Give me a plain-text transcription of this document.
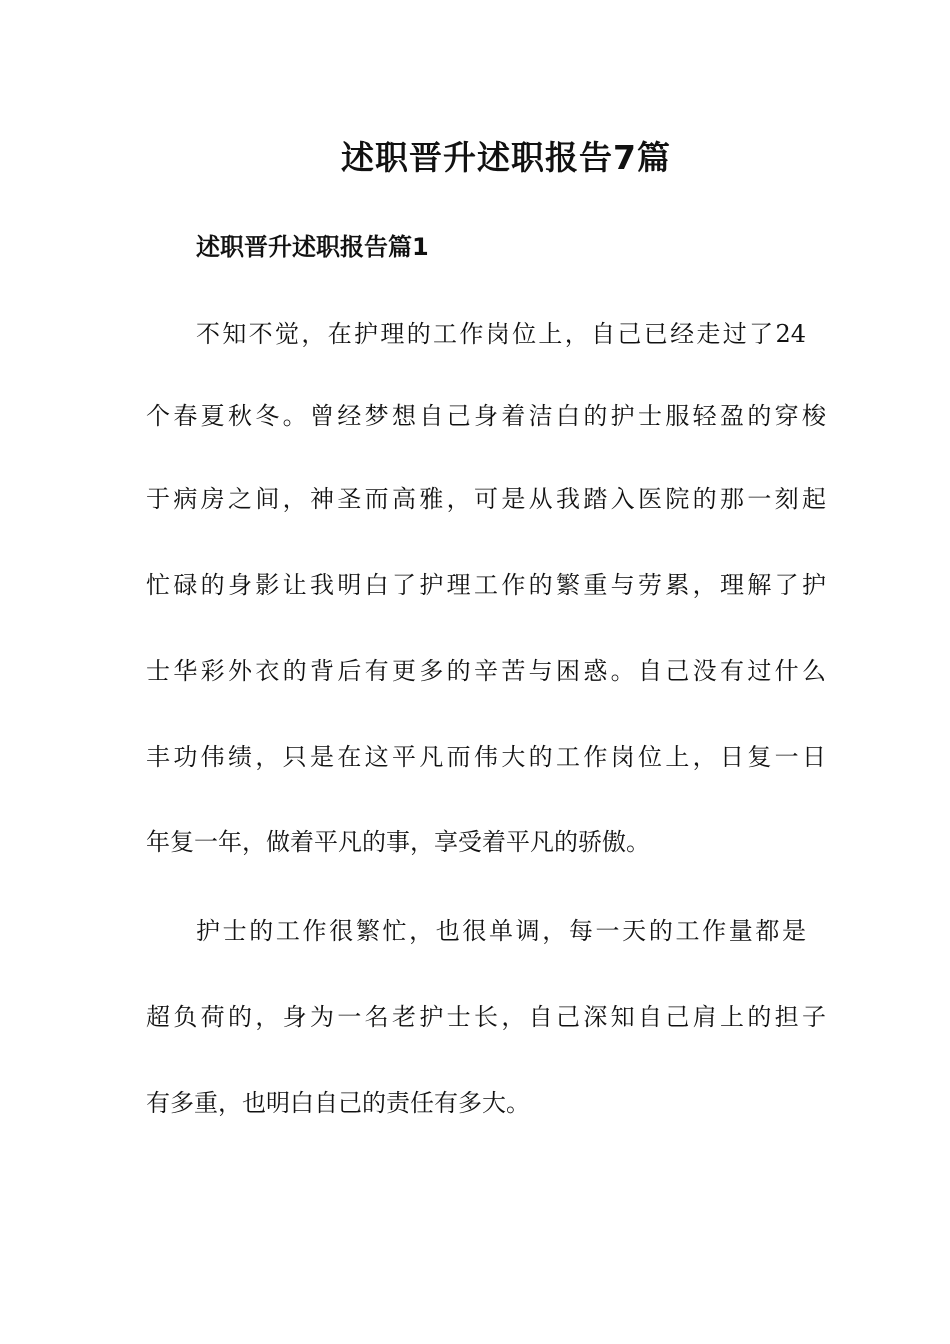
述职晋升述职报告7篇
述职晋升述职报告篇1

不知不觉，在护理的工作岗位上，自己已经走过了24

个春夏秋冬。曾经梦想自己身着洁白的护士服轻盈的穿梭

于病房之间，神圣而高雅，可是从我踏入医院的那一刻起

忙碌的身影让我明白了护理工作的繁重与劳累，理解了护

士华彩外衣的背后有更多的辛苦与困惑。自己没有过什么

丰功伟绩，只是在这平凡而伟大的工作岗位上，日复一日

年复一年，做着平凡的事，享受着平凡的骄傲。

护士的工作很繁忙，也很单调，每一天的工作量都是

超负荷的，身为一名老护士长，自己深知自己肩上的担子

有多重，也明白自己的责任有多大。
